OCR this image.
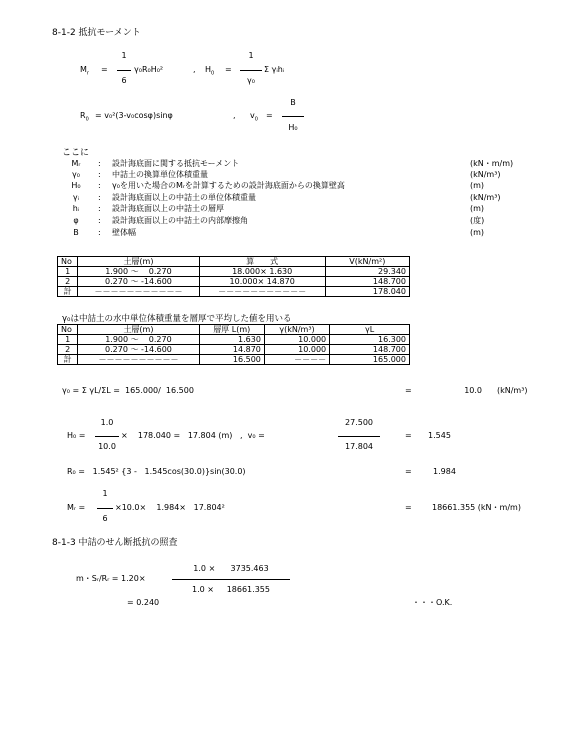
8-1-2 抵抗モーメント
$M_r$ =
1
6
γ₀R₀H₀²	, $H_0$ =
1
γ₀
Σ γᵢhᵢ
$R_0 = v_0^2(3-v_0\cos\varphi)\sin\varphi$	, $v_0$ =
B
H₀
ここに
Mᵣ	: 設計海底面に関する抵抗モーメント	(kN・m/m)
γ₀	: 中詰土の換算単位体積重量	(kN/m³)
H₀	: γ₀を用いた場合のMᵣを計算するための設計海底面からの換算壁高	(m)
γᵢ	: 設計海底面以上の中詰土の単位体積重量	(kN/m³)
hᵢ	: 設計海底面以上の中詰土の層厚	(m)
φ	: 設計海底面以上の中詰土の内部摩擦角	(度)
B	: 壁体幅	(m)
No	土層(m)	算　　式	V(kN/m²)
1	1.900 ～    0.270	18.000× 1.630	29.340
2	0.270 ～ -14.600	10.000× 14.870	148.700
計	－－－－－－－－－－－	－－－－－－－－－－－	178.040
γ₀は中詰土の水中単位体積重量を層厚で平均した値を用いる
No	土層(m)	層厚 L(m)	γ(kN/m³)	γL
1	1.900 ～    0.270	1.630	10.000	16.300
2	0.270 ～ -14.600	14.870	10.000	148.700
計	－－－－－－－－－－	16.500	－－－－	165.000
γ₀ = Σ γL/ΣL =  165.000/  16.500	=	10.0 (kN/m³)
H₀ =
1.0
10.0
×    178.040 =   17.804 (m)   ,  v₀ =
27.500
17.804
= 1.545
R₀ =   1.545² {3 -   1.545cos(30.0)}sin(30.0)	=	1.984
Mᵣ =
1
6
×10.0×    1.984×   17.804²	=	18661.355 (kN・m/m)
8-1-3 中詰のせん断抵抗の照査
m・Sᵣ/Rᵣ = 1.20×
1.0 ×      3735.463
1.0 ×     18661.355
= 0.240	・・・O.K.
